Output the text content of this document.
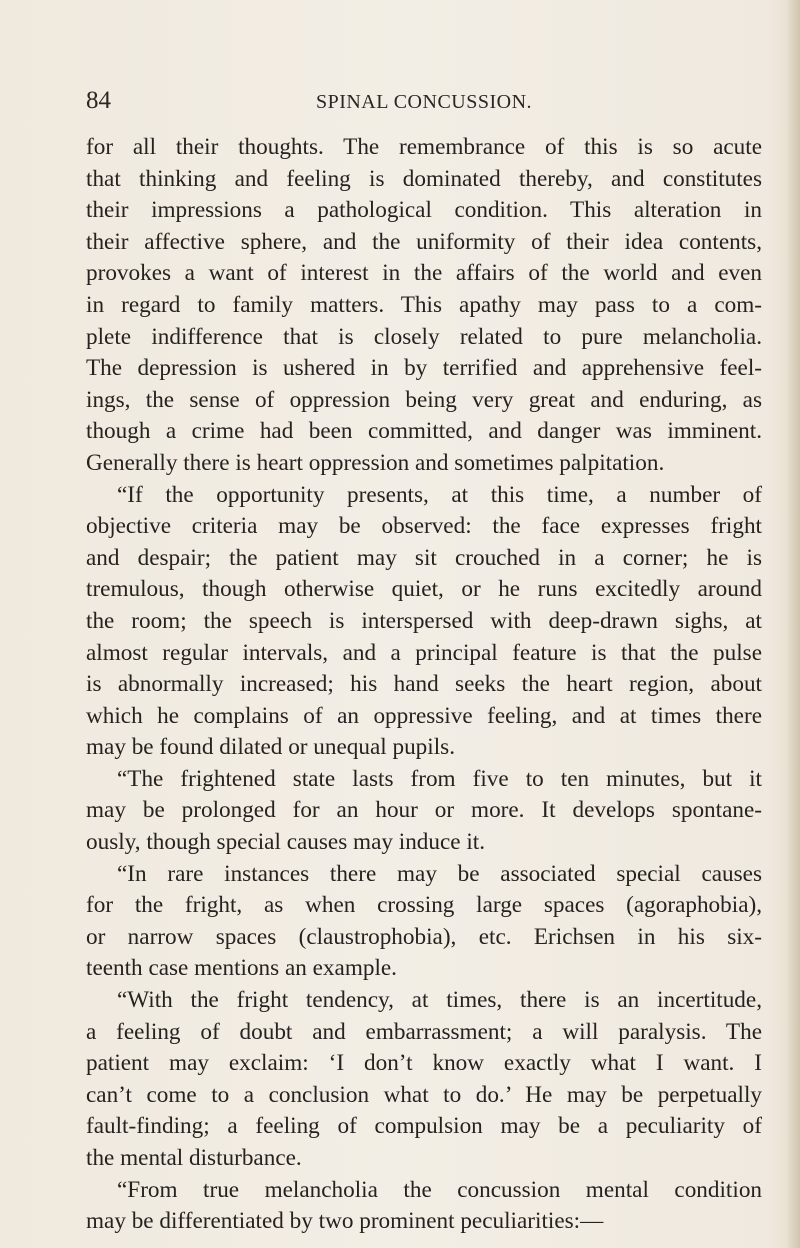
84	SPINAL CONCUSSION.
for all their thoughts. The remembrance of this is so acute
that thinking and feeling is dominated thereby, and constitutes
their impressions a pathological condition. This alteration in
their affective sphere, and the uniformity of their idea contents,
provokes a want of interest in the affairs of the world and even
in regard to family matters. This apathy may pass to a com-
plete indifference that is closely related to pure melancholia.
The depression is ushered in by terrified and apprehensive feel-
ings, the sense of oppression being very great and enduring, as
though a crime had been committed, and danger was imminent.
Generally there is heart oppression and sometimes palpitation.
“If the opportunity presents, at this time, a number of
objective criteria may be observed: the face expresses fright
and despair; the patient may sit crouched in a corner; he is
tremulous, though otherwise quiet, or he runs excitedly around
the room; the speech is interspersed with deep-drawn sighs, at
almost regular intervals, and a principal feature is that the pulse
is abnormally increased; his hand seeks the heart region, about
which he complains of an oppressive feeling, and at times there
may be found dilated or unequal pupils.
“The frightened state lasts from five to ten minutes, but it
may be prolonged for an hour or more. It develops spontane-
ously, though special causes may induce it.
“In rare instances there may be associated special causes
for the fright, as when crossing large spaces (agoraphobia),
or narrow spaces (claustrophobia), etc. Erichsen in his six-
teenth case mentions an example.
“With the fright tendency, at times, there is an incertitude,
a feeling of doubt and embarrassment; a will paralysis. The
patient may exclaim: ‘I don’t know exactly what I want. I
can’t come to a conclusion what to do.’ He may be perpetually
fault-finding; a feeling of compulsion may be a peculiarity of
the mental disturbance.
“From true melancholia the concussion mental condition
may be differentiated by two prominent peculiarities:—
